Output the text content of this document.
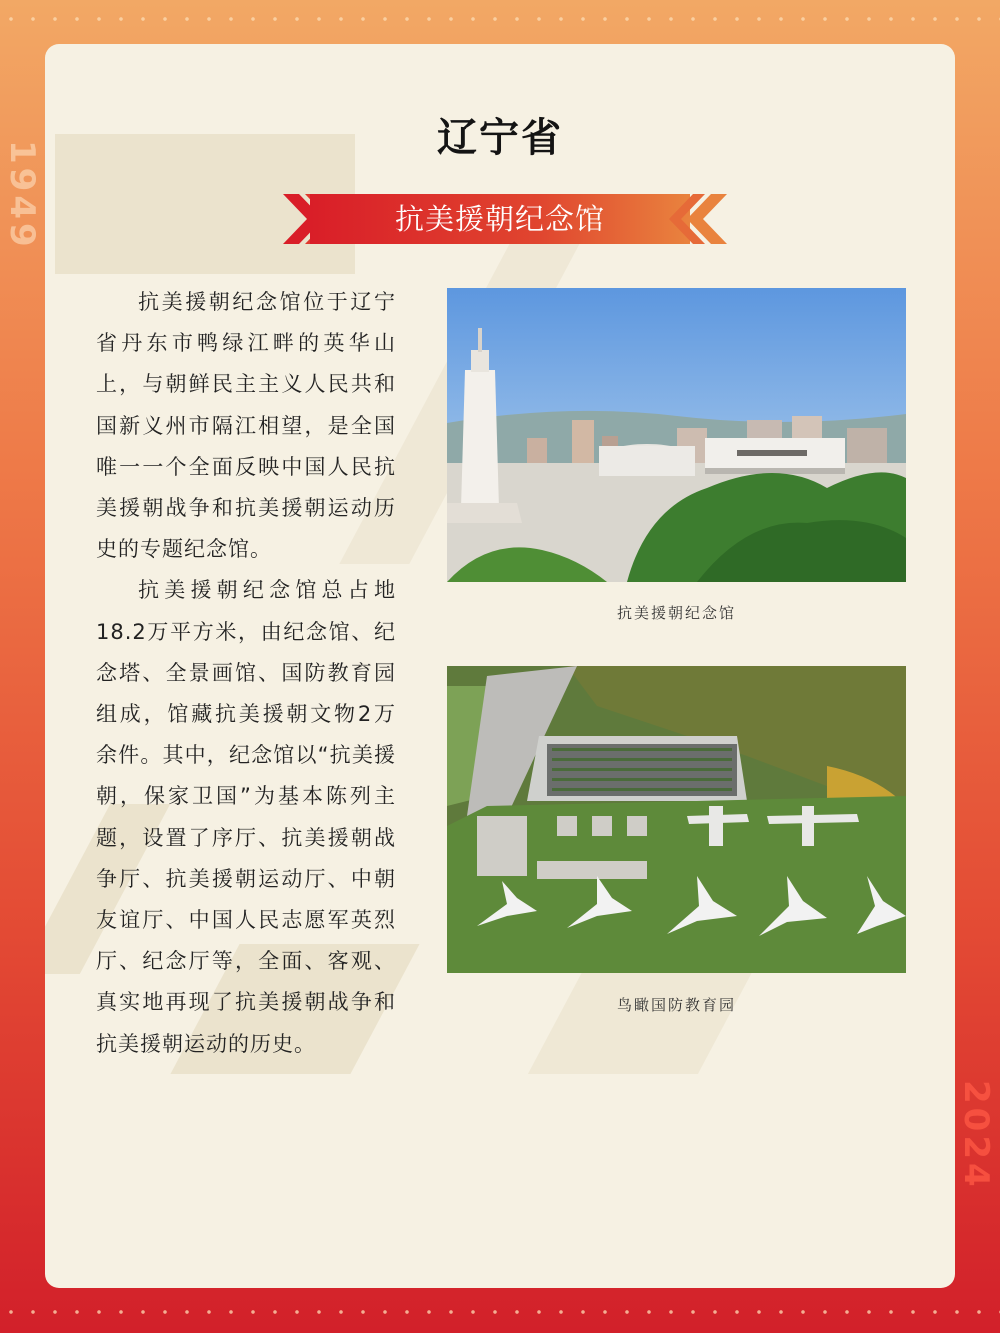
1949
2024
辽宁省
抗美援朝纪念馆

抗美援朝纪念馆位于辽宁省丹东市鸭绿江畔的英华山上，与朝鲜民主主义人民共和国新义州市隔江相望，是全国唯一一个全面反映中国人民抗美援朝战争和抗美援朝运动历史的专题纪念馆。

抗美援朝纪念馆总占地18.2万平方米，由纪念馆、纪念塔、全景画馆、国防教育园组成，馆藏抗美援朝文物2万余件。其中，纪念馆以“抗美援朝，保家卫国”为基本陈列主题，设置了序厅、抗美援朝战争厅、抗美援朝运动厅、中朝友谊厅、中国人民志愿军英烈厅、纪念厅等，全面、客观、真实地再现了抗美援朝战争和抗美援朝运动的历史。

抗美援朝纪念馆
鸟瞰国防教育园
